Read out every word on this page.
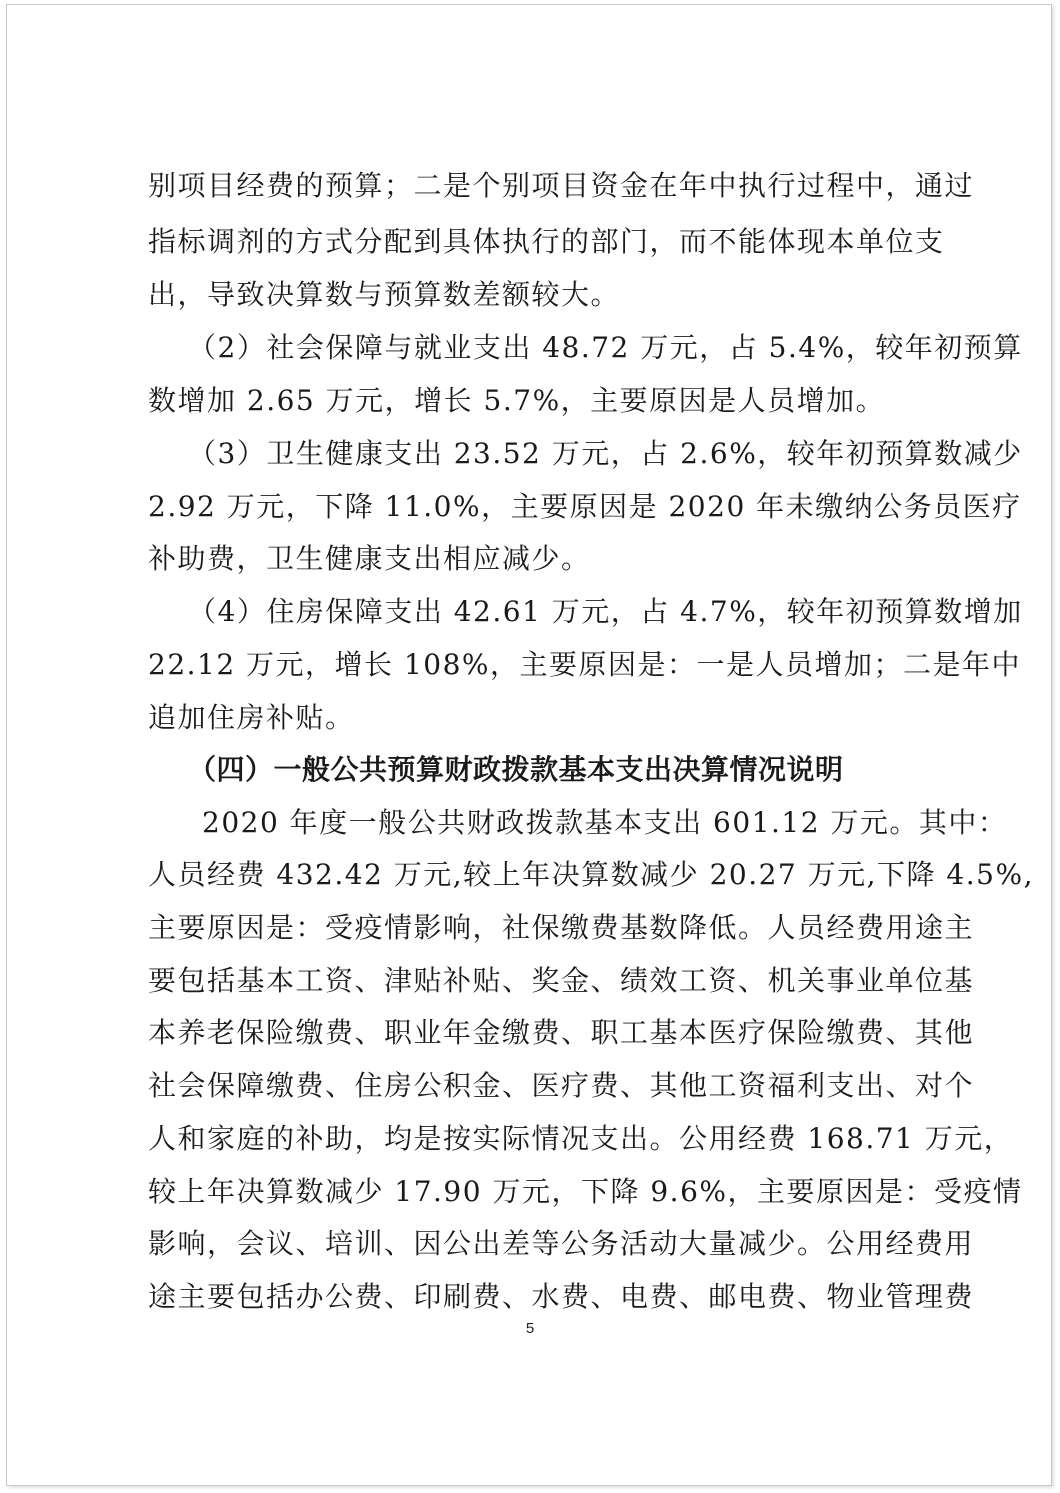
别项目经费的预算；二是个别项目资金在年中执行过程中，通过
指标调剂的方式分配到具体执行的部门，而不能体现本单位支
出，导致决算数与预算数差额较大。
（2）社会保障与就业支出 48.72 万元，占 5.4%，较年初预算
数增加 2.65 万元，增长 5.7%，主要原因是人员增加。
（3）卫生健康支出 23.52 万元，占 2.6%，较年初预算数减少
2.92 万元，下降 11.0%，主要原因是 2020 年未缴纳公务员医疗
补助费，卫生健康支出相应减少。
（4）住房保障支出 42.61 万元，占 4.7%，较年初预算数增加
22.12 万元，增长 108%，主要原因是：一是人员增加；二是年中
追加住房补贴。
（四）一般公共预算财政拨款基本支出决算情况说明
2020 年度一般公共财政拨款基本支出 601.12 万元。其中：
人员经费 432.42 万元,较上年决算数减少 20.27 万元,下降 4.5%,
主要原因是：受疫情影响，社保缴费基数降低。人员经费用途主
要包括基本工资、津贴补贴、奖金、绩效工资、机关事业单位基
本养老保险缴费、职业年金缴费、职工基本医疗保险缴费、其他
社会保障缴费、住房公积金、医疗费、其他工资福利支出、对个
人和家庭的补助，均是按实际情况支出。公用经费 168.71 万元，
较上年决算数减少 17.90 万元，下降 9.6%，主要原因是：受疫情
影响，会议、培训、因公出差等公务活动大量减少。公用经费用
途主要包括办公费、印刷费、水费、电费、邮电费、物业管理费
5
